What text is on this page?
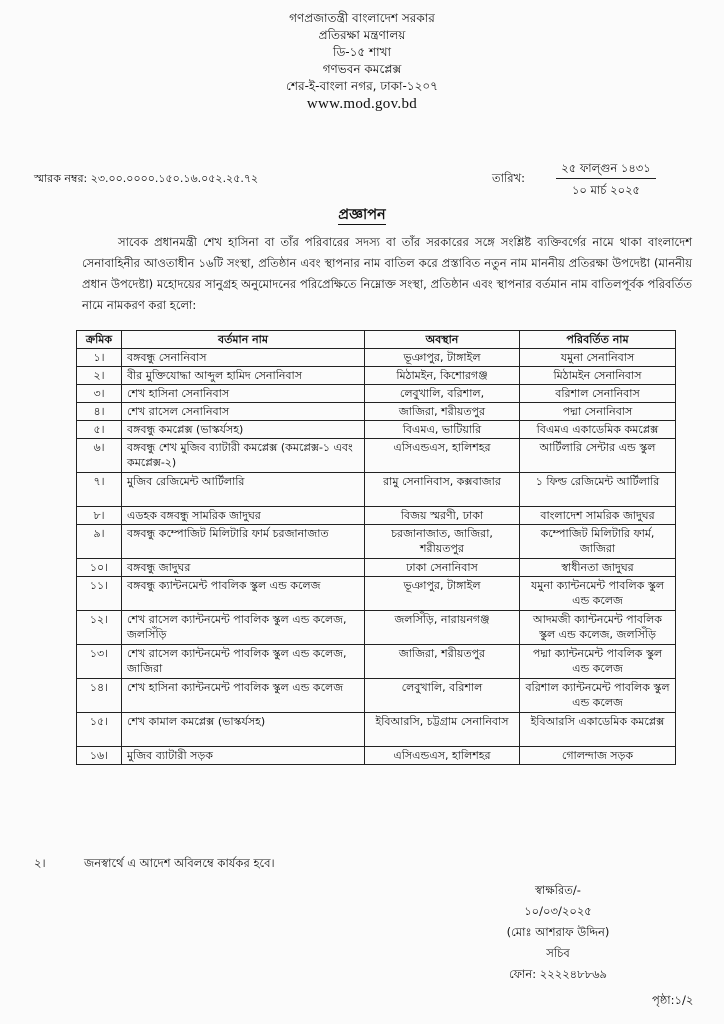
গণপ্রজাতন্ত্রী বাংলাদেশ সরকার
প্রতিরক্ষা মন্ত্রণালয়
ডি-১৫ শাখা
গণভবন কমপ্লেক্স
শের-ই-বাংলা নগর, ঢাকা-১২০৭
www.mod.gov.bd
স্মারক নম্বর: ২৩.০০.০০০০.১৫০.১৬.০৫২.২৫.৭২	তারিখ:
২৫ ফাল্গুন ১৪৩১
১০ মার্চ ২০২৫
প্রজ্ঞাপন
সাবেক প্রধানমন্ত্রী শেখ হাসিনা বা তাঁর পরিবারের সদস্য বা তাঁর সরকারের সঙ্গে সংশ্লিষ্ট ব্যক্তিবর্গের নামে থাকা বাংলাদেশ সেনাবাহিনীর আওতাধীন ১৬টি সংস্থা, প্রতিষ্ঠান এবং স্থাপনার নাম বাতিল করে প্রস্তাবিত নতুন নাম মাননীয় প্রতিরক্ষা উপদেষ্টা (মাননীয় প্রধান উপদেষ্টা) মহোদয়ের সানুগ্রহ অনুমোদনের পরিপ্রেক্ষিতে নিম্নোক্ত সংস্থা, প্রতিষ্ঠান এবং স্থাপনার বর্তমান নাম বাতিলপূর্বক পরিবর্তিত নামে নামকরণ করা হলো:
ক্রমিক	বর্তমান নাম	অবস্থান	পরিবর্তিত নাম
১।	বঙ্গবন্ধু সেনানিবাস	ভূঞাপুর, টাঙ্গাইল	যমুনা সেনানিবাস
২।	বীর মুক্তিযোদ্ধা আব্দুল হামিদ সেনানিবাস	মিঠামইন, কিশোরগঞ্জ	মিঠামইন সেনানিবাস
৩।	শেখ হাসিনা সেনানিবাস	লেবুখালি, বরিশাল,	বরিশাল সেনানিবাস
৪।	শেখ রাসেল সেনানিবাস	জাজিরা, শরীয়তপুর	পদ্মা সেনানিবাস
৫।	বঙ্গবন্ধু কমপ্লেক্স (ভাস্কর্যসহ)	বিএমএ, ভাটিয়ারি	বিএমএ একাডেমিক কমপ্লেক্স
৬।	বঙ্গবন্ধু শেখ মুজিব ব্যাটারী কমপ্লেক্স (কমপ্লেক্স-১ এবং কমপ্লেক্স-২)	এসিএন্ডএস, হালিশহর	আর্টিলারি সেন্টার এন্ড স্কুল
৭।	মুজিব রেজিমেন্ট আর্টিলারি	রামু সেনানিবাস, কক্সবাজার	১ ফিল্ড রেজিমেন্ট আর্টিলারি
৮।	এডহক বঙ্গবন্ধু সামরিক জাদুঘর	বিজয় স্মরণী, ঢাকা	বাংলাদেশ সামরিক জাদুঘর
৯।	বঙ্গবন্ধু কম্পোজিট মিলিটারি ফার্ম চরজানাজাত	চরজানাজাত, জাজিরা, শরীয়তপুর	কম্পোজিট মিলিটারি ফার্ম, জাজিরা
১০।	বঙ্গবন্ধু জাদুঘর	ঢাকা সেনানিবাস	স্বাধীনতা জাদুঘর
১১।	বঙ্গবন্ধু ক্যান্টনমেন্ট পাবলিক স্কুল এন্ড কলেজ	ভূঞাপুর, টাঙ্গাইল	যমুনা ক্যান্টনমেন্ট পাবলিক স্কুল এন্ড কলেজ
১২।	শেখ রাসেল ক্যান্টনমেন্ট পাবলিক স্কুল এন্ড কলেজ, জলসিঁড়ি	জলসিঁড়ি, নারায়নগঞ্জ	আদমজী ক্যান্টনমেন্ট পাবলিক স্কুল এন্ড কলেজ, জলসিঁড়ি
১৩।	শেখ রাসেল ক্যান্টনমেন্ট পাবলিক স্কুল এন্ড কলেজ, জাজিরা	জাজিরা, শরীয়তপুর	পদ্মা ক্যান্টনমেন্ট পাবলিক স্কুল এন্ড কলেজ
১৪।	শেখ হাসিনা ক্যান্টনমেন্ট পাবলিক স্কুল এন্ড কলেজ	লেবুখালি, বরিশাল	বরিশাল ক্যান্টনমেন্ট পাবলিক স্কুল এন্ড কলেজ
১৫।	শেখ কামাল কমপ্লেক্স (ভাস্কর্যসহ)	ইবিআরসি, চট্টগ্রাম সেনানিবাস	ইবিআরসি একাডেমিক কমপ্লেক্স
১৬।	মুজিব ব্যাটারী সড়ক	এসিএন্ডএস, হালিশহর	গোলন্দাজ সড়ক
২।	জনস্বার্থে এ আদেশ অবিলম্বে কার্যকর হবে।
স্বাক্ষরিত/-
১০/০৩/২০২৫
(মোঃ আশরাফ উদ্দিন)
সচিব
ফোন: ২২২২৪৮৮৬৯
পৃষ্ঠা:১/২
